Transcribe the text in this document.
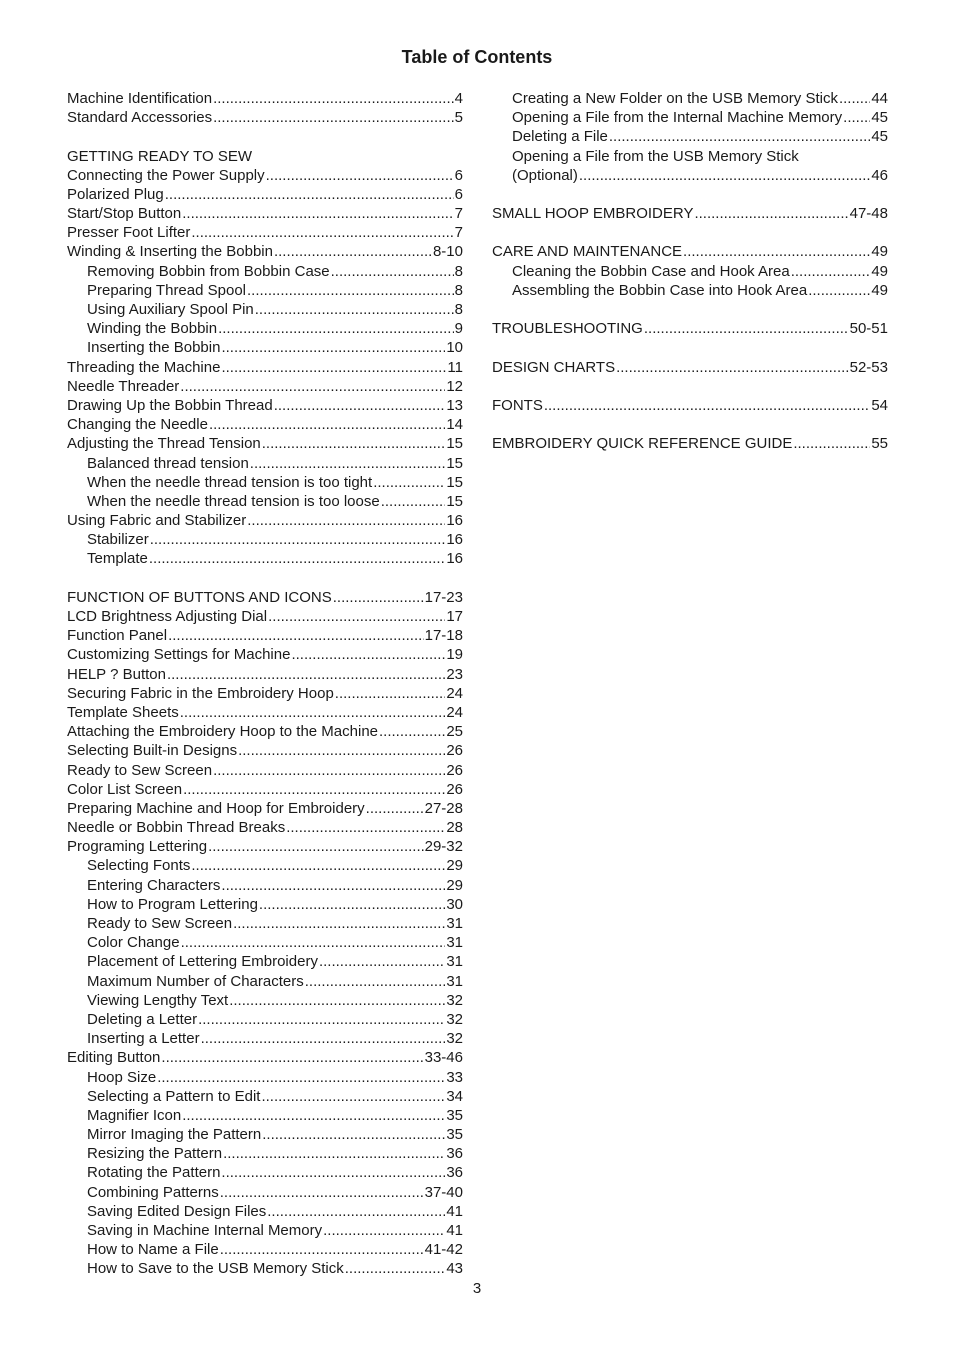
Table of Contents
Machine Identification .....	4
Standard Accessories .....	5
GETTING READY TO SEW
Connecting the Power Supply .....	6
Polarized Plug .....	6
Start/Stop Button .....	7
Presser Foot Lifter .....	7
Winding & Inserting the Bobbin .....	8-10
Removing Bobbin from Bobbin Case .....	8
Preparing Thread Spool .....	8
Using Auxiliary Spool Pin .....	8
Winding the Bobbin .....	9
Inserting the Bobbin .....	10
Threading the Machine .....	11
Needle Threader .....	12
Drawing Up the Bobbin Thread .....	13
Changing the Needle .....	14
Adjusting the Thread Tension .....	15
Balanced thread tension .....	15
When the needle thread tension is too tight .....	15
When the needle thread tension is too loose .....	15
Using Fabric and Stabilizer .....	16
Stabilizer .....	16
Template .....	16
FUNCTION OF BUTTONS AND ICONS .....	17-23
LCD Brightness Adjusting Dial .....	17
Function Panel .....	17-18
Customizing Settings for Machine .....	19
HELP ? Button .....	23
Securing Fabric in the Embroidery Hoop .....	24
Template Sheets .....	24
Attaching the Embroidery Hoop to the Machine .....	25
Selecting Built-in Designs .....	26
Ready to Sew Screen .....	26
Color List Screen .....	26
Preparing Machine and Hoop for Embroidery .....	27-28
Needle or Bobbin Thread Breaks .....	28
Programing Lettering .....	29-32
Selecting Fonts .....	29
Entering Characters .....	29
How to Program Lettering .....	30
Ready to Sew Screen .....	31
Color Change .....	31
Placement of Lettering Embroidery .....	31
Maximum Number of Characters .....	31
Viewing Lengthy Text .....	32
Deleting a Letter .....	32
Inserting a Letter .....	32
Editing Button .....	33-46
Hoop Size .....	33
Selecting a Pattern to Edit .....	34
Magnifier Icon .....	35
Mirror Imaging the Pattern .....	35
Resizing the Pattern .....	36
Rotating the Pattern .....	36
Combining Patterns .....	37-40
Saving Edited Design Files .....	41
Saving in Machine Internal Memory .....	41
How to Name a File .....	41-42
How to Save to the USB Memory Stick .....	43
Creating a New Folder on the USB Memory Stick ..... 44
Opening a File from the Internal Machine Memory ..... 45
Deleting a File .....	45
Opening a File from the USB Memory Stick
(Optional) .....	46
SMALL HOOP EMBROIDERY .....	47-48
CARE AND MAINTENANCE .....	49
Cleaning the Bobbin Case and Hook Area .....	49
Assembling the Bobbin Case into Hook Area .....	49
TROUBLESHOOTING .....	50-51
DESIGN CHARTS .....	52-53
FONTS .....	54
EMBROIDERY QUICK REFERENCE GUIDE .....	55
3
